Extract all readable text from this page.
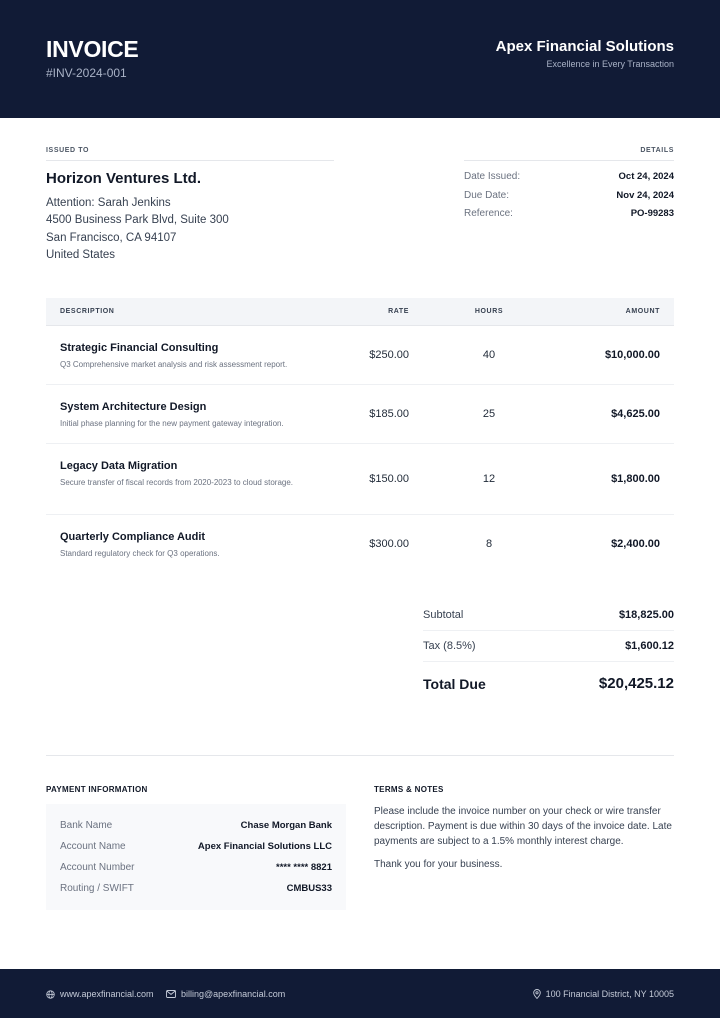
INVOICE
#INV-2024-001
Apex Financial Solutions
Excellence in Every Transaction
ISSUED TO
Horizon Ventures Ltd.
Attention: Sarah Jenkins
4500 Business Park Blvd, Suite 300
San Francisco, CA 94107
United States
DETAILS
Date Issued:	Oct 24, 2024
Due Date:	Nov 24, 2024
Reference:	PO-99283
DESCRIPTION	RATE	HOURS	AMOUNT
Strategic Financial Consulting
Q3 Comprehensive market analysis and risk assessment report.
$250.00	40	$10,000.00
System Architecture Design
Initial phase planning for the new payment gateway integration.
$185.00	25	$4,625.00
Legacy Data Migration
Secure transfer of fiscal records from 2020-2023 to cloud storage.	$150.00	12	$1,800.00
Quarterly Compliance Audit
Standard regulatory check for Q3 operations.
$300.00	8	$2,400.00
Subtotal	$18,825.00
Tax (8.5%)	$1,600.12
Total Due	$20,425.12
PAYMENT INFORMATION
Bank Name	Chase Morgan Bank
Account Name	Apex Financial Solutions LLC
Account Number	**** **** 8821
Routing / SWIFT	CMBUS33
TERMS & NOTES
Please include the invoice number on your check or wire transfer description. Payment is due within 30 days of the invoice date. Late payments are subject to a 1.5% monthly interest charge.
Thank you for your business.
www.apexfinancial.com	billing@apexfinancial.com	100 Financial District, NY 10005
